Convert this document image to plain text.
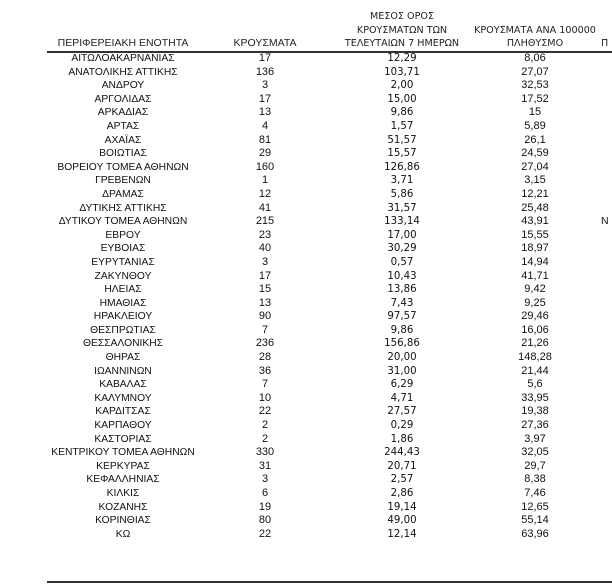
ΠΕΡΙΦΕΡΕΙΑΚΗ ΕΝΟΤΗΤΑ	ΚΡΟΥΣΜΑΤΑ
ΜΕΣΟΣ ΟΡΟΣ
ΚΡΟΥΣΜΑΤΩΝ ΤΩΝ
ΤΕΛΕΥΤΑΙΩΝ 7 ΗΜΕΡΩΝ
ΚΡΟΥΣΜΑΤΑ ΑΝΑ 100000
ΠΛΗΘΥΣΜΟ	Π
ΑΙΤΩΛΟΑΚΑΡΝΑΝΙΑΣ	17	12,29	8,06
ΑΝΑΤΟΛΙΚΗΣ ΑΤΤΙΚΗΣ	136	103,71	27,07
ΑΝΔΡΟΥ	3	2,00	32,53
ΑΡΓΟΛΙΔΑΣ	17	15,00	17,52
ΑΡΚΑΔΙΑΣ	13	9,86	15
ΑΡΤΑΣ	4	1,57	5,89
ΑΧΑΪΑΣ	81	51,57	26,1
ΒΟΙΩΤΙΑΣ	29	15,57	24,59
ΒΟΡΕΙΟΥ ΤΟΜΕΑ ΑΘΗΝΩΝ	160	126,86	27,04
ΓΡΕΒΕΝΩΝ	1	3,71	3,15
ΔΡΑΜΑΣ	12	5,86	12,21
ΔΥΤΙΚΗΣ ΑΤΤΙΚΗΣ	41	31,57	25,48
ΔΥΤΙΚΟΥ ΤΟΜΕΑ ΑΘΗΝΩΝ	215	133,14	43,91	Ν
ΕΒΡΟΥ	23	17,00	15,55
ΕΥΒΟΙΑΣ	40	30,29	18,97
ΕΥΡΥΤΑΝΙΑΣ	3	0,57	14,94
ΖΑΚΥΝΘΟΥ	17	10,43	41,71
ΗΛΕΙΑΣ	15	13,86	9,42
ΗΜΑΘΙΑΣ	13	7,43	9,25
ΗΡΑΚΛΕΙΟΥ	90	97,57	29,46
ΘΕΣΠΡΩΤΙΑΣ	7	9,86	16,06
ΘΕΣΣΑΛΟΝΙΚΗΣ	236	156,86	21,26
ΘΗΡΑΣ	28	20,00	148,28
ΙΩΑΝΝΙΝΩΝ	36	31,00	21,44
ΚΑΒΑΛΑΣ	7	6,29	5,6
ΚΑΛΥΜΝΟΥ	10	4,71	33,95
ΚΑΡΔΙΤΣΑΣ	22	27,57	19,38
ΚΑΡΠΑΘΟΥ	2	0,29	27,36
ΚΑΣΤΟΡΙΑΣ	2	1,86	3,97
ΚΕΝΤΡΙΚΟΥ ΤΟΜΕΑ ΑΘΗΝΩΝ	330	244,43	32,05
ΚΕΡΚΥΡΑΣ	31	20,71	29,7
ΚΕΦΑΛΛΗΝΙΑΣ	3	2,57	8,38
ΚΙΛΚΙΣ	6	2,86	7,46
ΚΟΖΑΝΗΣ	19	19,14	12,65
ΚΟΡΙΝΘΙΑΣ	80	49,00	55,14
ΚΩ	22	12,14	63,96
